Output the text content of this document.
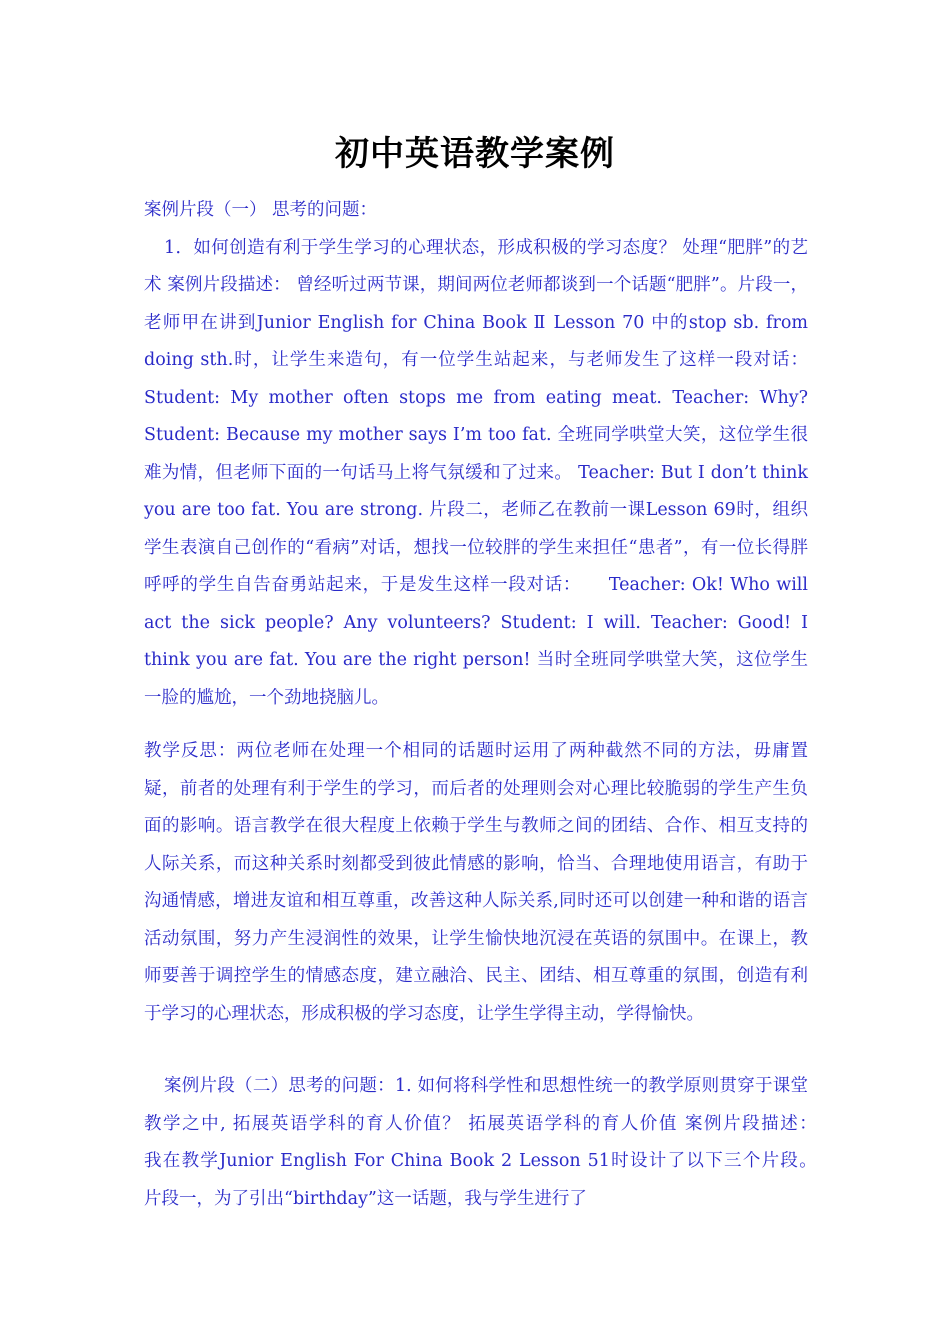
初中英语教学案例

案例片段（一） 思考的问题：
1．如何创造有利于学生学习的心理状态，形成积极的学习态度？ 处理“肥胖”的艺术 案例片段描述： 曾经听过两节课，期间两位老师都谈到一个话题“肥胖”。片段一，老师甲在讲到Junior English for China Book Ⅱ Lesson 70 中的stop sb. from doing sth.时，让学生来造句，有一位学生站起来，与老师发生了这样一段对话： Student: My mother often stops me from eating meat. Teacher: Why? Student: Because my mother says I’m too fat. 全班同学哄堂大笑，这位学生很难为情，但老师下面的一句话马上将气氛缓和了过来。 Teacher: But I don’t think you are too fat. You are strong. 片段二，老师乙在教前一课Lesson 69时，组织学生表演自己创作的“看病”对话，想找一位较胖的学生来担任“患者”，有一位长得胖呼呼的学生自告奋勇站起来，于是发生这样一段对话：　　Teacher: Ok! Who will act the sick people? Any volunteers? Student: I will. Teacher: Good! I think you are fat. You are the right person! 当时全班同学哄堂大笑，这位学生一脸的尴尬，一个劲地挠脑儿。

教学反思：两位老师在处理一个相同的话题时运用了两种截然不同的方法，毋庸置疑，前者的处理有利于学生的学习，而后者的处理则会对心理比较脆弱的学生产生负面的影响。语言教学在很大程度上依赖于学生与教师之间的团结、合作、相互支持的人际关系，而这种关系时刻都受到彼此情感的影响，恰当、合理地使用语言，有助于沟通情感，增进友谊和相互尊重，改善这种人际关系,同时还可以创建一种和谐的语言活动氛围，努力产生浸润性的效果，让学生愉快地沉浸在英语的氛围中。在课上，教师要善于调控学生的情感态度，建立融洽、民主、团结、相互尊重的氛围，创造有利于学习的心理状态，形成积极的学习态度，让学生学得主动，学得愉快。

案例片段（二）思考的问题：1. 如何将科学性和思想性统一的教学原则贯穿于课堂教学之中, 拓展英语学科的育人价值？ 拓展英语学科的育人价值 案例片段描述：　　　　　我在教学Junior English For China Book 2 Lesson 51时设计了以下三个片段。　　　　　片段一，为了引出“birthday”这一话题，我与学生进行了
